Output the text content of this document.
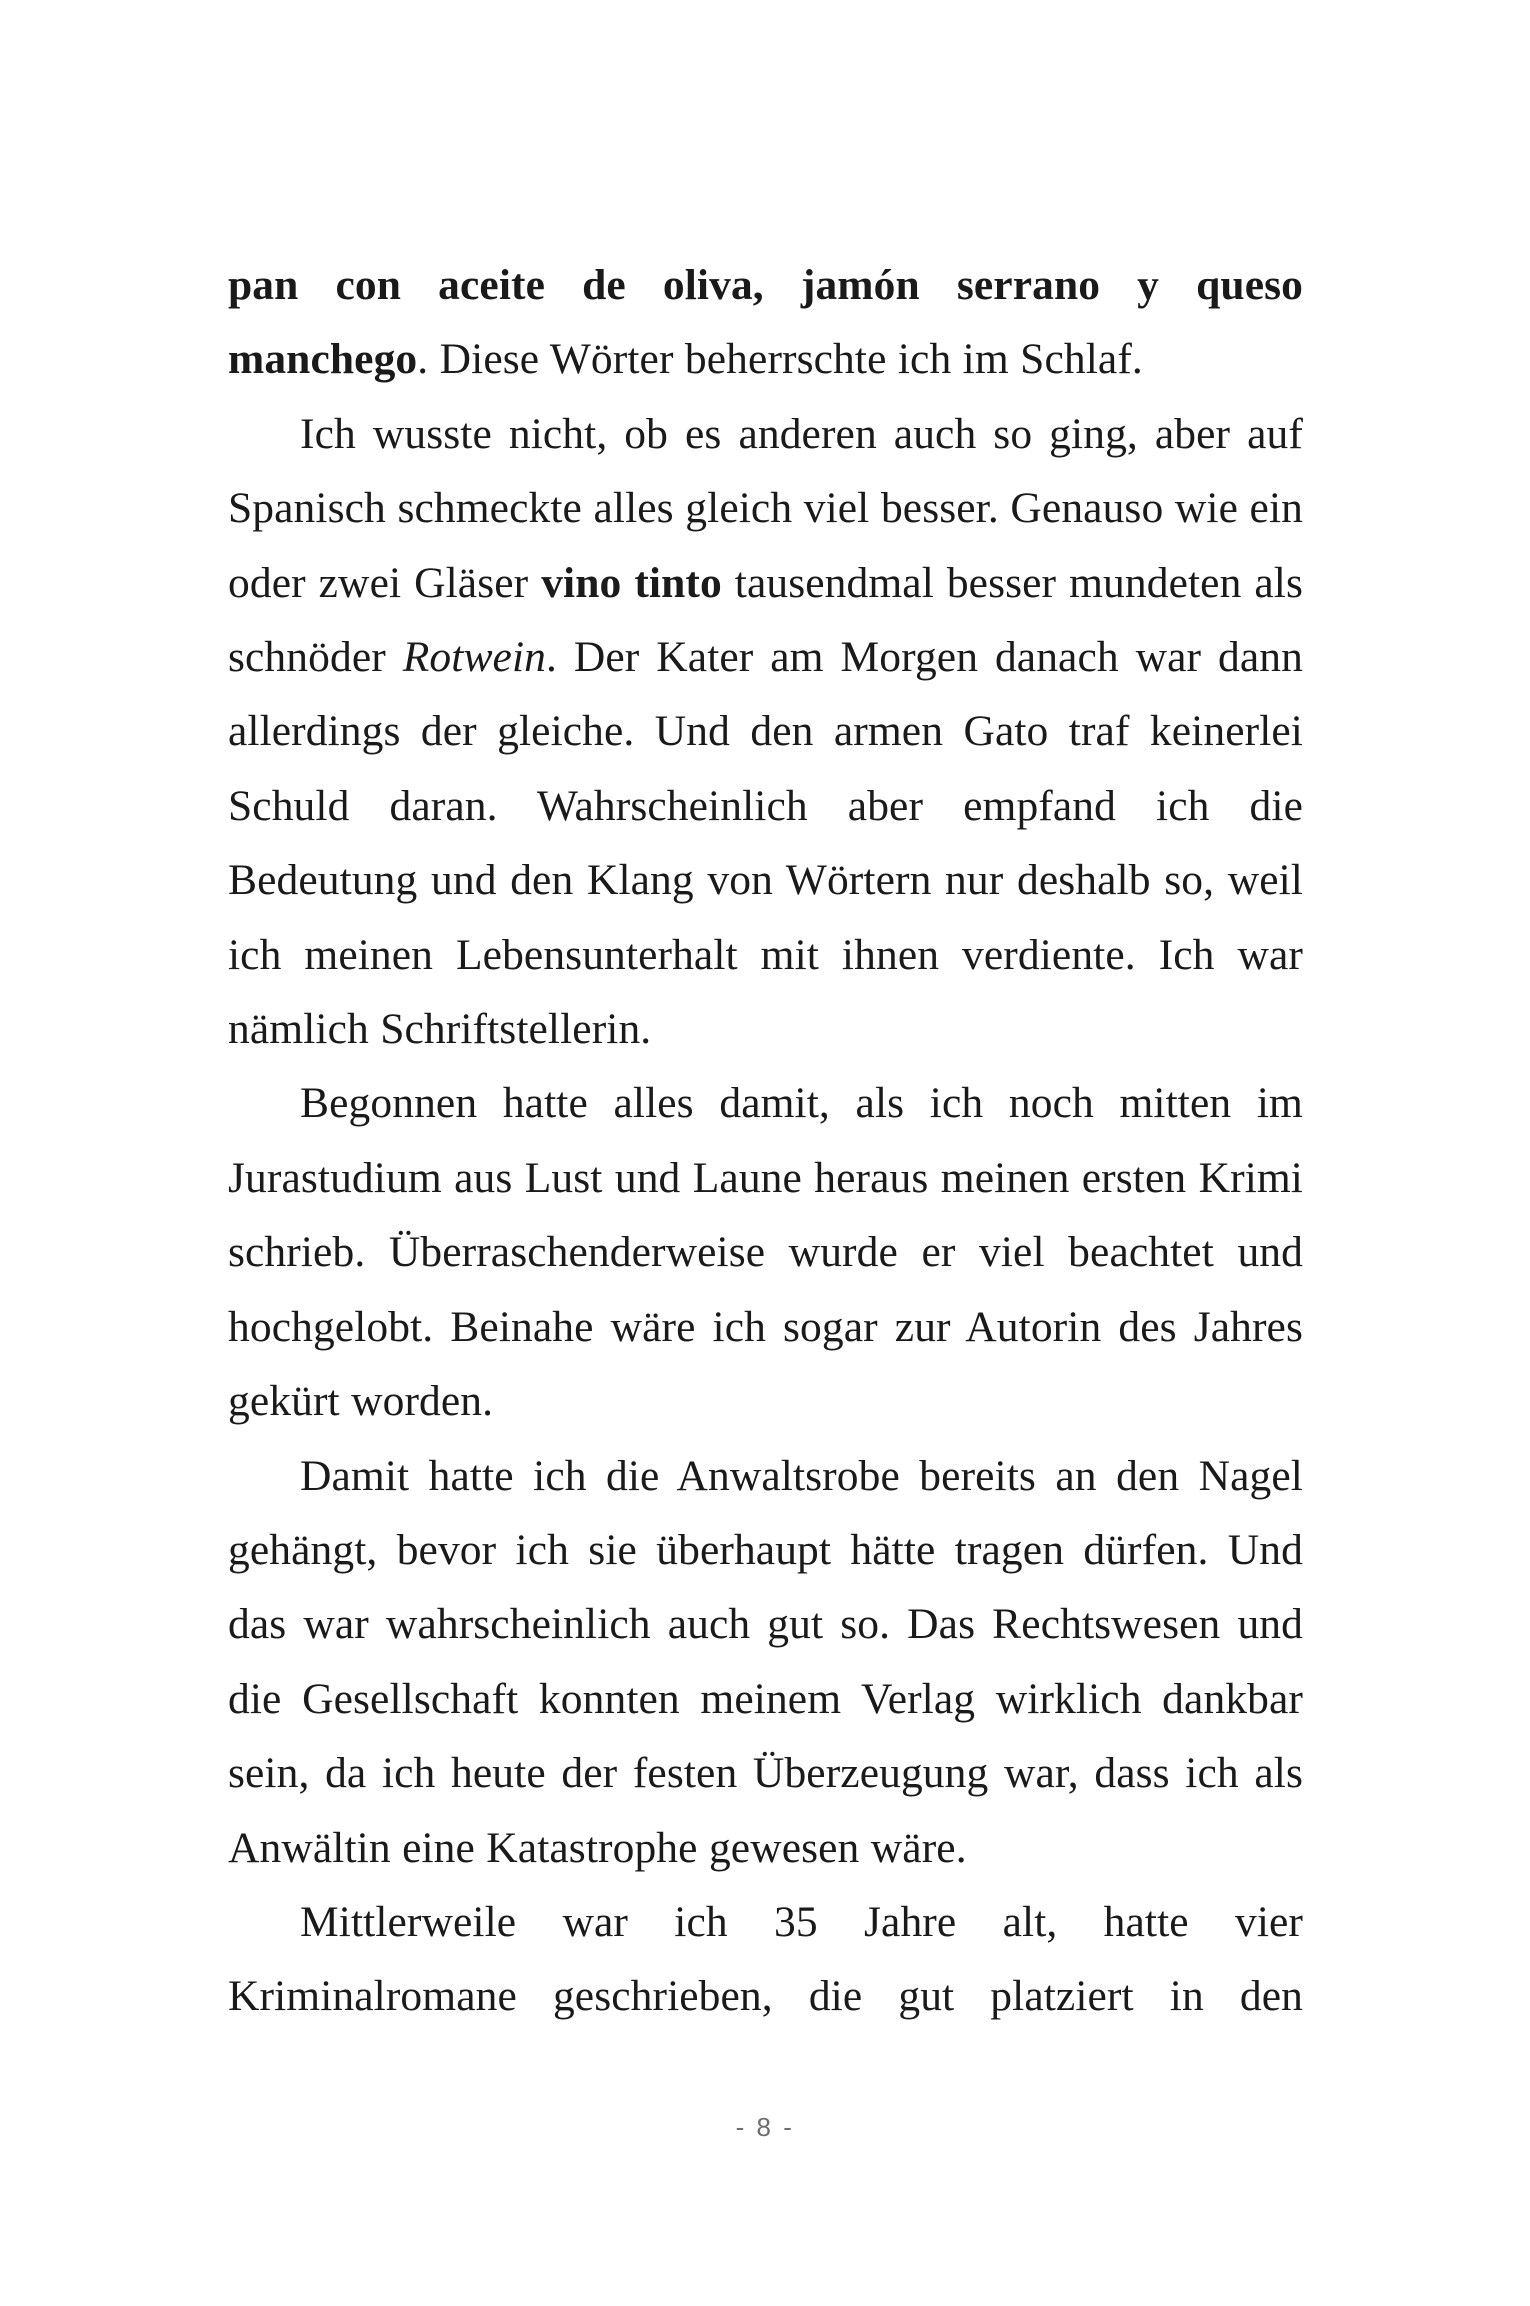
pan con aceite de oliva, jamón serrano y queso manchego. Diese Wörter beherrschte ich im Schlaf.

Ich wusste nicht, ob es anderen auch so ging, aber auf Spanisch schmeckte alles gleich viel besser. Genauso wie ein oder zwei Gläser vino tinto tausendmal besser mundeten als schnöder Rotwein. Der Kater am Morgen danach war dann allerdings der gleiche. Und den armen Gato traf keinerlei Schuld daran. Wahrscheinlich aber empfand ich die Bedeutung und den Klang von Wörtern nur deshalb so, weil ich meinen Lebensunterhalt mit ihnen verdiente. Ich war nämlich Schriftstellerin.

Begonnen hatte alles damit, als ich noch mitten im Jurastudium aus Lust und Laune heraus meinen ersten Krimi schrieb. Überraschenderweise wurde er viel beachtet und hochgelobt. Beinahe wäre ich sogar zur Autorin des Jahres gekürt worden.

Damit hatte ich die Anwaltsrobe bereits an den Nagel gehängt, bevor ich sie überhaupt hätte tragen dürfen. Und das war wahrscheinlich auch gut so. Das Rechtswesen und die Gesellschaft konnten meinem Verlag wirklich dankbar sein, da ich heute der festen Überzeugung war, dass ich als Anwältin eine Katastrophe gewesen wäre.

Mittlerweile war ich 35 Jahre alt, hatte vier Kriminalromane geschrieben, die gut platziert in den

- 8 -
